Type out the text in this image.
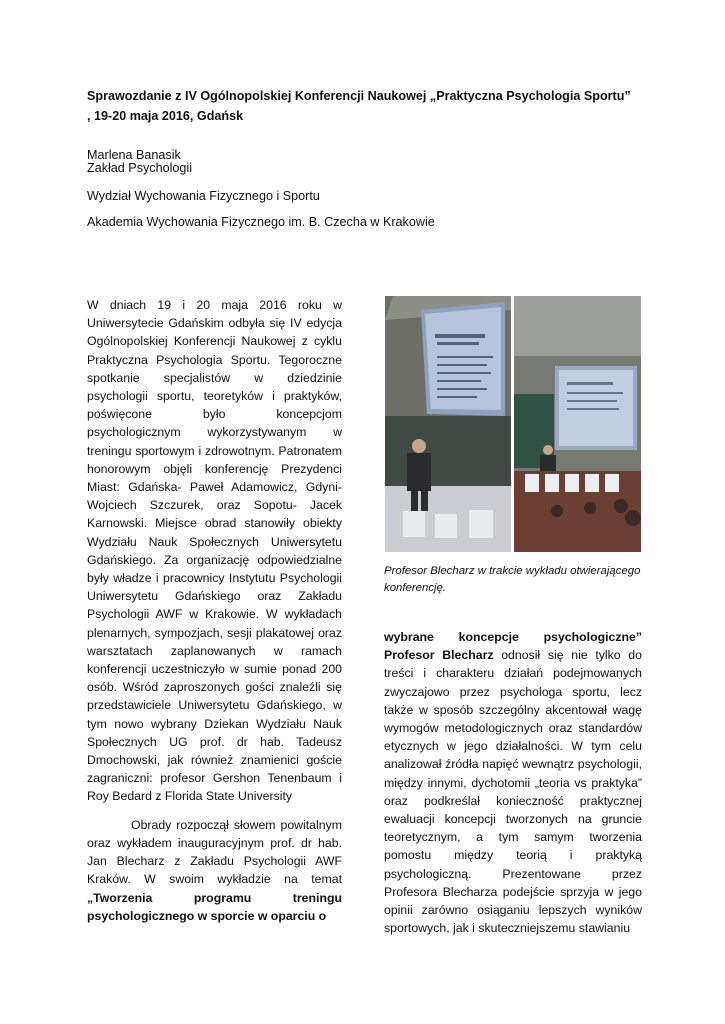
Sprawozdanie z IV Ogólnopolskiej Konferencji Naukowej „Praktyczna Psychologia Sportu” , 19-20 maja 2016, Gdańsk

Marlena Banasik

Zakład Psychologii

Wydział Wychowania Fizycznego i Sportu

Akademia Wychowania Fizycznego im. B. Czecha w Krakowie

W dniach 19 i 20 maja 2016 roku w Uniwersytecie Gdańskim odbyła się IV edycja Ogólnopolskiej Konferencji Naukowej z cyklu Praktyczna Psychologia Sportu. Tegoroczne spotkanie specjalistów w dziedzinie psychologii sportu, teoretyków i praktyków, poświęcone było koncepcjom psychologicznym wykorzystywanym w treningu sportowym i zdrowotnym. Patronatem honorowym objęli konferencję Prezydenci Miast: Gdańska- Paweł Adamowicz, Gdyni- Wojciech Szczurek, oraz Sopotu- Jacek Karnowski. Miejsce obrad stanowiły obiekty Wydziału Nauk Społecznych Uniwersytetu Gdańskiego. Za organizację odpowiedzialne były władze i pracownicy Instytutu Psychologii Uniwersytetu Gdańskiego oraz Zakładu Psychologii AWF w Krakowie. W wykładach plenarnych, sympozjach, sesji plakatowej oraz warsztatach zaplanowanych w ramach konferencji uczestniczyło w sumie ponad 200 osób. Wśród zaproszonych gości znaleźli się przedstawiciele Uniwersytetu Gdańskiego, w tym nowo wybrany Dziekan Wydziału Nauk Społecznych UG prof. dr hab. Tadeusz Dmochowski, jak również znamienici goście zagraniczni: profesor Gershon Tenenbaum i Roy Bedard z Florida State University

Obrady rozpoczął słowem powitalnym oraz wykładem inauguracyjnym prof. dr hab. Jan Blecharz z Zakładu Psychologii AWF Kraków. W swoim wykładzie na temat „Tworzenia programu treningu psychologicznego w sporcie w oparciu o

Profesor Blecharz w trakcie wykładu otwierającego konferencję.

wybrane koncepcje psychologiczne” Profesor Blecharz odnosił się nie tylko do treści i charakteru działań podejmowanych zwyczajowo przez psychologa sportu, lecz także w sposób szczególny akcentował wagę wymogów metodologicznych oraz standardów etycznych w jego działalności. W tym celu analizował źródła napięć wewnątrz psychologii, między innymi, dychotomii „teoria vs praktyka” oraz podkreślał konieczność praktycznej ewaluacji koncepcji tworzonych na gruncie teoretycznym, a tym samym tworzenia pomostu między teorią i praktyką psychologiczną. Prezentowane przez Profesora Blecharza podejście sprzyja w jego opinii zarówno osiąganiu lepszych wyników sportowych, jak i skuteczniejszemu stawianiu
